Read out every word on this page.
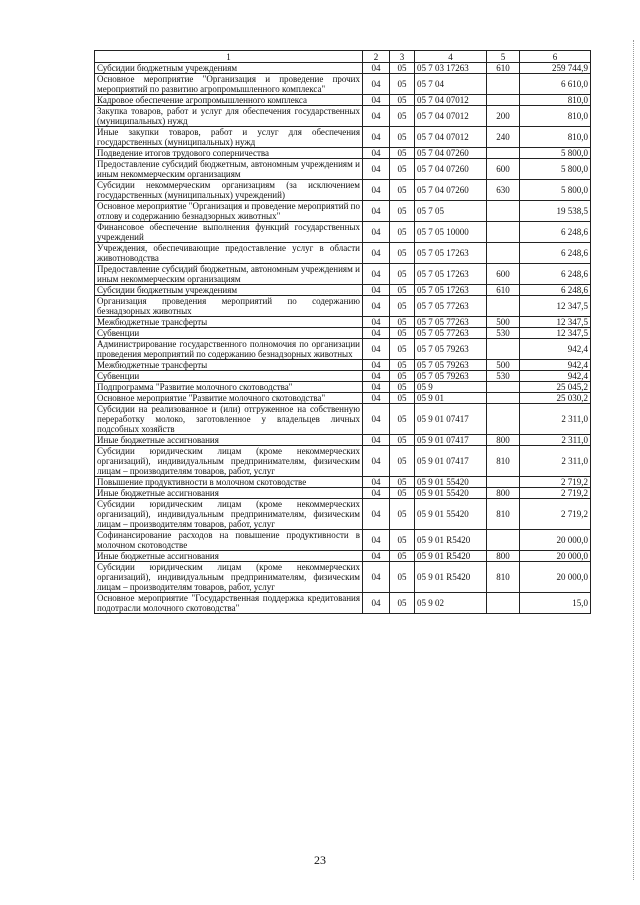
1	2	3	4	5	6
Субсидии бюджетным учреждениям	04	05	05 7 03 17263	610	259 744,9
Основное мероприятие "Организация и проведение прочих мероприятий по развитию агропромышленного комплекса"	04	05	05 7 04		6 610,0
Кадровое обеспечение агропромышленного комплекса	04	05	05 7 04 07012		810,0
Закупка товаров, работ и услуг для обеспечения государственных (муниципальных) нужд	04	05	05 7 04 07012	200	810,0
Иные закупки товаров, работ и услуг для обеспечения государственных (муниципальных) нужд	04	05	05 7 04 07012	240	810,0
Подведение итогов трудового соперничества	04	05	05 7 04 07260		5 800,0
Предоставление субсидий бюджетным, автономным учреждениям и иным некоммерческим организациям	04	05	05 7 04 07260	600	5 800,0
Субсидии некоммерческим организациям (за исключением государственных (муниципальных) учреждений)	04	05	05 7 04 07260	630	5 800,0
Основное мероприятие "Организация и проведение мероприятий по отлову и содержанию безнадзорных животных"	04	05	05 7 05		19 538,5
Финансовое обеспечение выполнения функций государственных учреждений	04	05	05 7 05 10000		6 248,6
Учреждения, обеспечивающие предоставление услуг в области животноводства	04	05	05 7 05 17263		6 248,6
Предоставление субсидий бюджетным, автономным учреждениям и иным некоммерческим организациям	04	05	05 7 05 17263	600	6 248,6
Субсидии бюджетным учреждениям	04	05	05 7 05 17263	610	6 248,6
Организация проведения мероприятий по содержанию безнадзорных животных	04	05	05 7 05 77263		12 347,5
Межбюджетные трансферты	04	05	05 7 05 77263	500	12 347,5
Субвенции	04	05	05 7 05 77263	530	12 347,5
Администрирование государственного полномочия по организации проведения мероприятий по содержанию безнадзорных животных	04	05	05 7 05 79263		942,4
Межбюджетные трансферты	04	05	05 7 05 79263	500	942,4
Субвенции	04	05	05 7 05 79263	530	942,4
Подпрограмма "Развитие молочного скотоводства"	04	05	05 9		25 045,2
Основное мероприятие "Развитие молочного скотоводства"	04	05	05 9 01		25 030,2
Субсидии на реализованное и (или) отгруженное на собственную переработку молоко, заготовленное у владельцев личных подсобных хозяйств	04	05	05 9 01 07417		2 311,0
Иные бюджетные ассигнования	04	05	05 9 01 07417	800	2 311,0
Субсидии юридическим лицам (кроме некоммерческих организаций), индивидуальным предпринимателям, физическим лицам – производителям товаров, работ, услуг	04	05	05 9 01 07417	810	2 311,0
Повышение продуктивности в молочном скотоводстве	04	05	05 9 01 55420		2 719,2
Иные бюджетные ассигнования	04	05	05 9 01 55420	800	2 719,2
Субсидии юридическим лицам (кроме некоммерческих организаций), индивидуальным предпринимателям, физическим лицам – производителям товаров, работ, услуг	04	05	05 9 01 55420	810	2 719,2
Софинансирование расходов на повышение продуктивности в молочном скотоводстве	04	05	05 9 01 R5420		20 000,0
Иные бюджетные ассигнования	04	05	05 9 01 R5420	800	20 000,0
Субсидии юридическим лицам (кроме некоммерческих организаций), индивидуальным предпринимателям, физическим лицам – производителям товаров, работ, услуг	04	05	05 9 01 R5420	810	20 000,0
Основное мероприятие "Государственная поддержка кредитования подотрасли молочного скотоводства"	04	05	05 9 02		15,0
23
